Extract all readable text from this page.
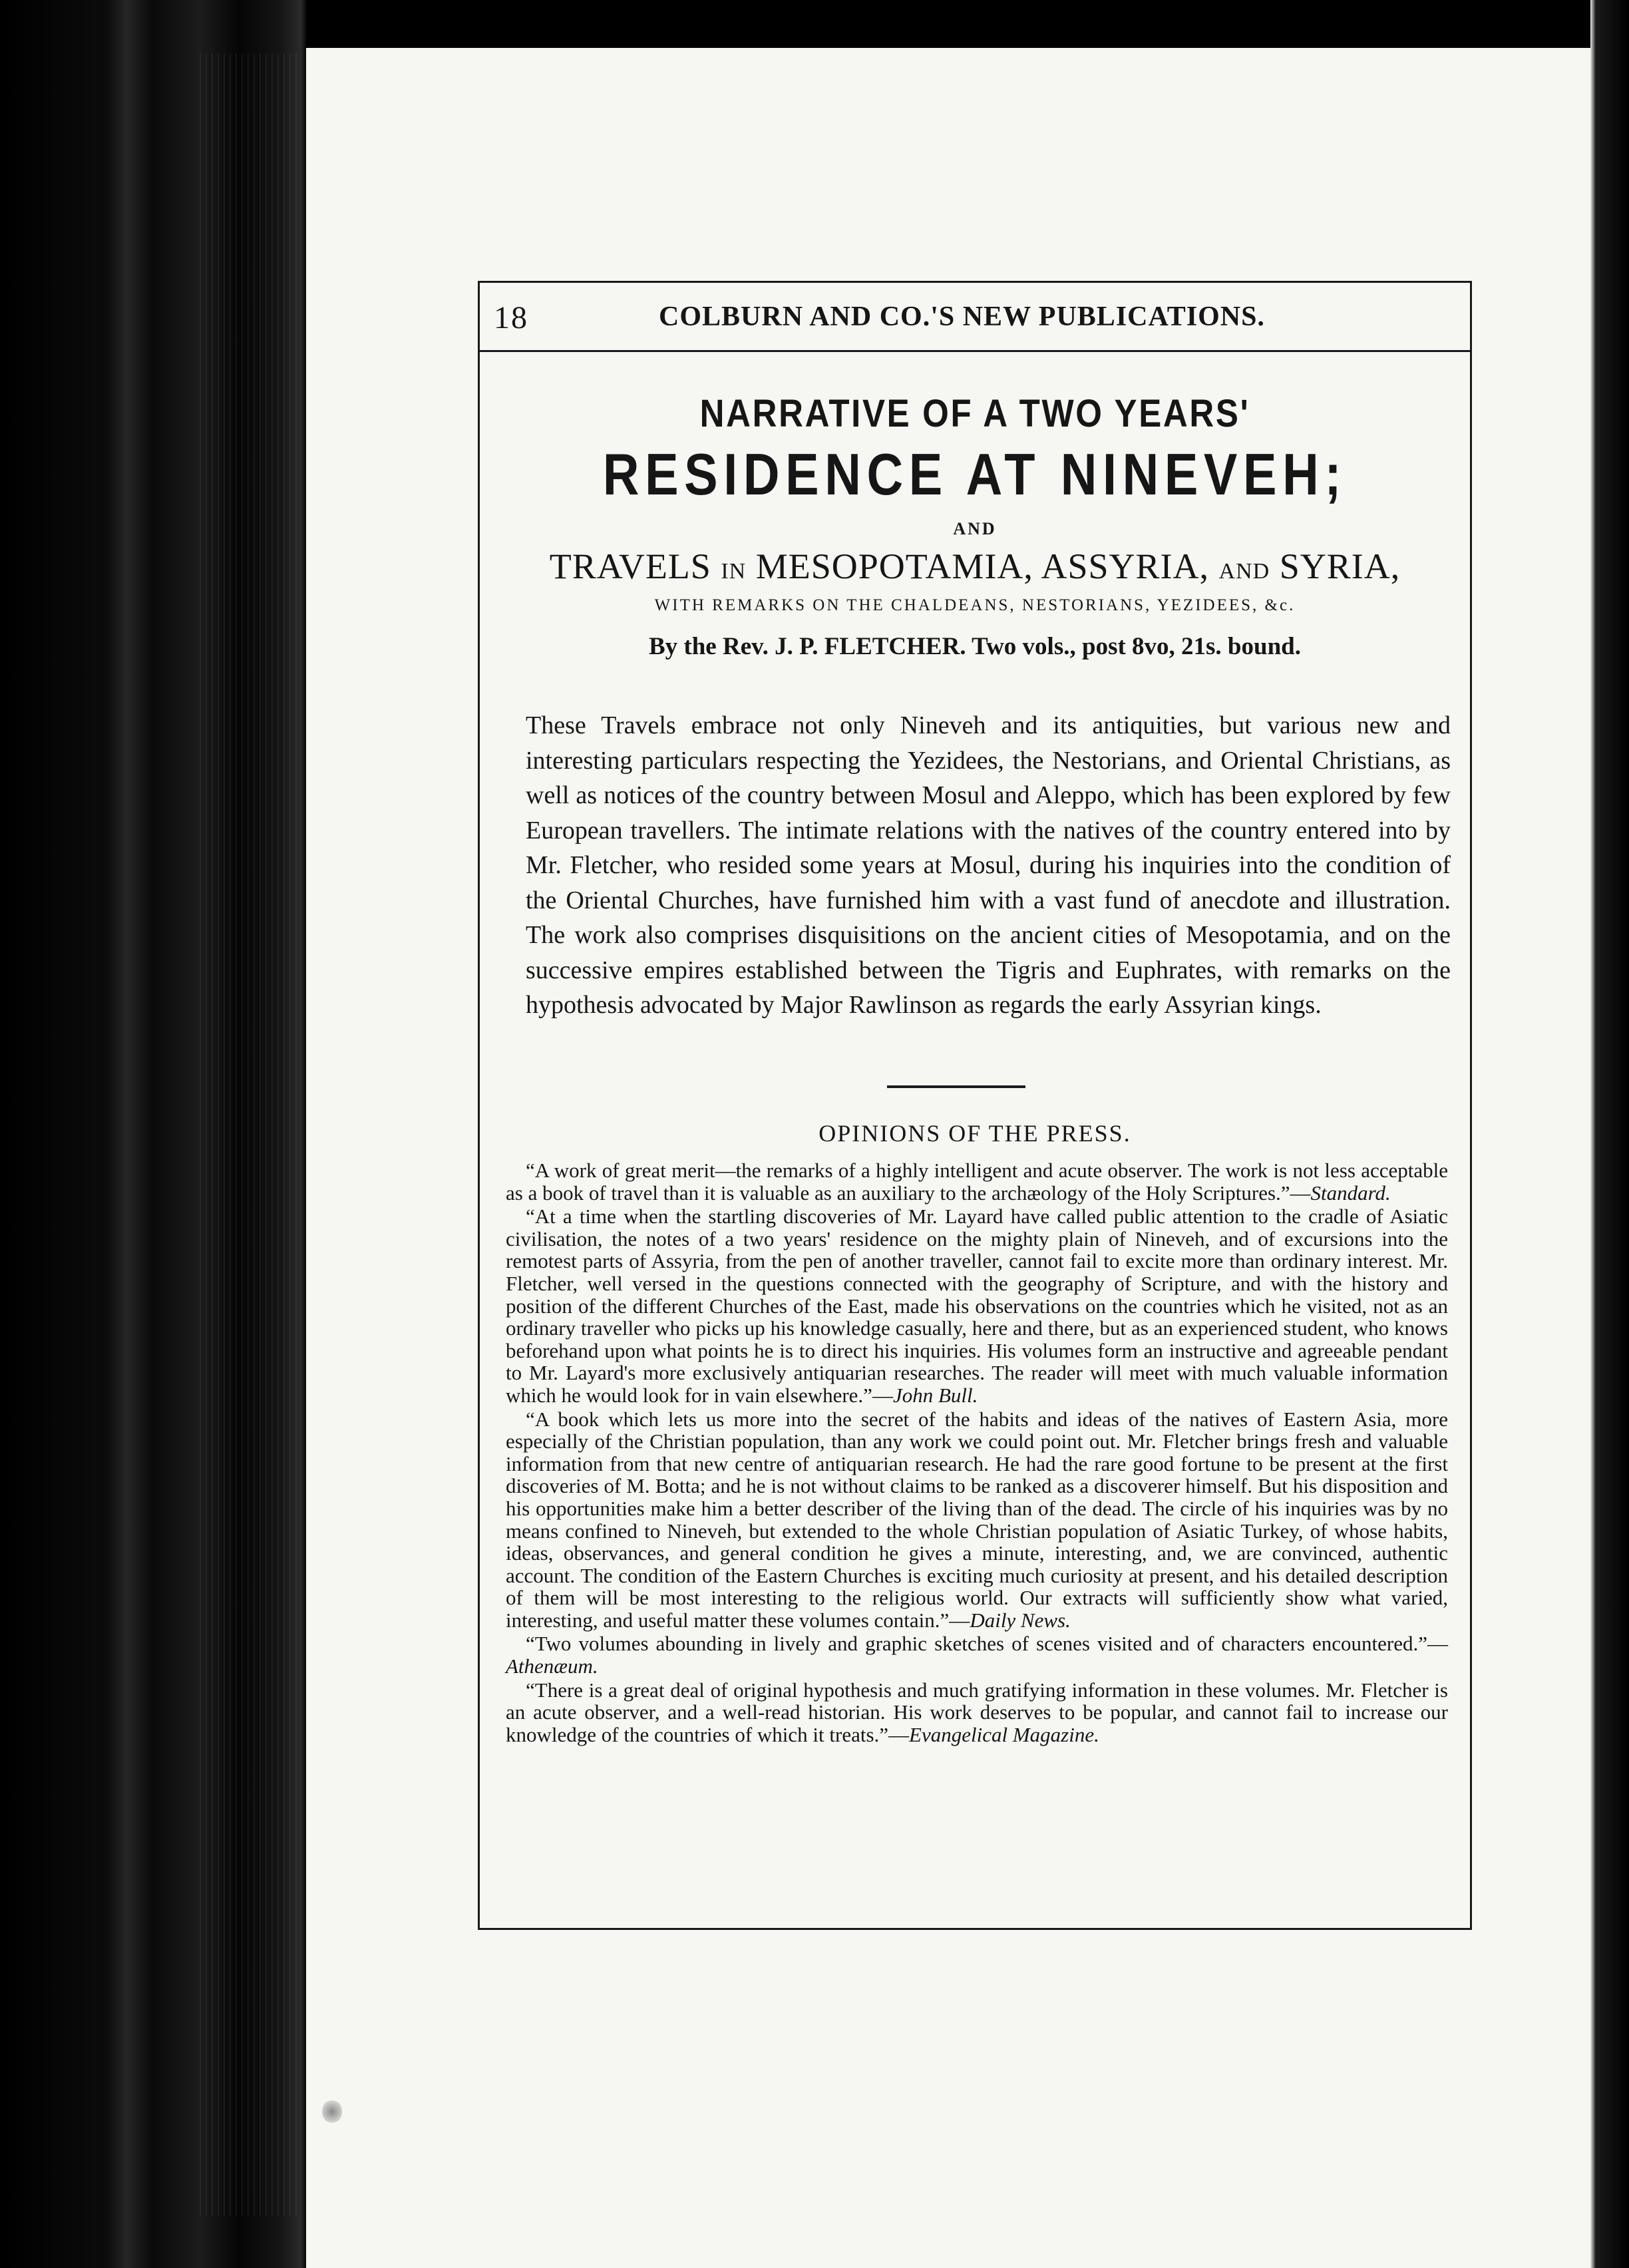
18	COLBURN AND CO.'S NEW PUBLICATIONS.
NARRATIVE OF A TWO YEARS'
RESIDENCE AT NINEVEH;
AND
TRAVELS IN MESOPOTAMIA, ASSYRIA, AND SYRIA,
WITH REMARKS ON THE CHALDEANS, NESTORIANS, YEZIDEES, &c.
By the Rev. J. P. FLETCHER. Two vols., post 8vo, 21s. bound.
These Travels embrace not only Nineveh and its antiquities, but various new and interesting particulars respecting the Yezidees, the Nestorians, and Oriental Christians, as well as notices of the country between Mosul and Aleppo, which has been explored by few European travellers. The intimate relations with the natives of the country entered into by Mr. Fletcher, who resided some years at Mosul, during his inquiries into the condition of the Oriental Churches, have furnished him with a vast fund of anecdote and illustration. The work also comprises disquisitions on the ancient cities of Mesopotamia, and on the successive empires established between the Tigris and Euphrates, with remarks on the hypothesis advocated by Major Rawlinson as regards the early Assyrian kings.
OPINIONS OF THE PRESS.

“A work of great merit—the remarks of a highly intelligent and acute observer. The work is not less acceptable as a book of travel than it is valuable as an auxiliary to the archæology of the Holy Scriptures.”—Standard.

“At a time when the startling discoveries of Mr. Layard have called public attention to the cradle of Asiatic civilisation, the notes of a two years' residence on the mighty plain of Nineveh, and of excursions into the remotest parts of Assyria, from the pen of another traveller, cannot fail to excite more than ordinary interest. Mr. Fletcher, well versed in the questions connected with the geography of Scripture, and with the history and position of the different Churches of the East, made his observations on the countries which he visited, not as an ordinary traveller who picks up his knowledge casually, here and there, but as an experienced student, who knows beforehand upon what points he is to direct his inquiries. His volumes form an instructive and agreeable pendant to Mr. Layard's more exclusively antiquarian researches. The reader will meet with much valuable information which he would look for in vain elsewhere.”—John Bull.

“A book which lets us more into the secret of the habits and ideas of the natives of Eastern Asia, more especially of the Christian population, than any work we could point out. Mr. Fletcher brings fresh and valuable information from that new centre of antiquarian research. He had the rare good fortune to be present at the first discoveries of M. Botta; and he is not without claims to be ranked as a discoverer himself. But his disposition and his opportunities make him a better describer of the living than of the dead. The circle of his inquiries was by no means confined to Nineveh, but extended to the whole Christian population of Asiatic Turkey, of whose habits, ideas, observances, and general condition he gives a minute, interesting, and, we are convinced, authentic account. The condition of the Eastern Churches is exciting much curiosity at present, and his detailed description of them will be most interesting to the religious world. Our extracts will sufficiently show what varied, interesting, and useful matter these volumes contain.”—Daily News.

“Two volumes abounding in lively and graphic sketches of scenes visited and of characters encountered.”—Athenæum.

“There is a great deal of original hypothesis and much gratifying information in these volumes. Mr. Fletcher is an acute observer, and a well-read historian. His work deserves to be popular, and cannot fail to increase our knowledge of the countries of which it treats.”—Evangelical Magazine.
